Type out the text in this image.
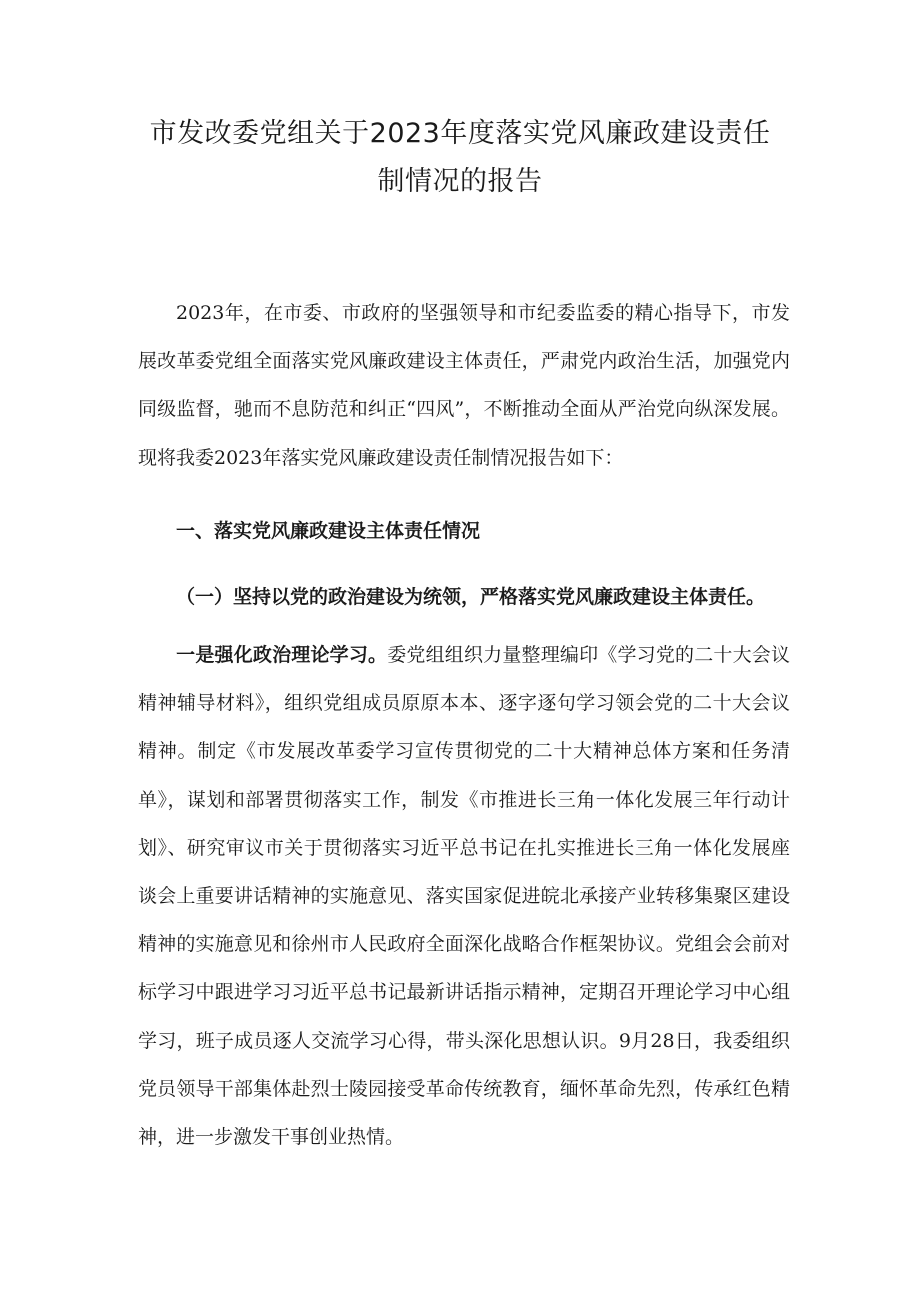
市发改委党组关于2023年度落实党风廉政建设责任
制情况的报告

2023年，在市委、市政府的坚强领导和市纪委监委的精心指导下，市发展改革委党组全面落实党风廉政建设主体责任，严肃党内政治生活，加强党内同级监督，驰而不息防范和纠正“四风”，不断推动全面从严治党向纵深发展。现将我委2023年落实党风廉政建设责任制情况报告如下：

一、落实党风廉政建设主体责任情况
（一）坚持以党的政治建设为统领，严格落实党风廉政建设主体责任。

一是强化政治理论学习。委党组组织力量整理编印《学习党的二十大会议精神辅导材料》，组织党组成员原原本本、逐字逐句学习领会党的二十大会议精神。制定《市发展改革委学习宣传贯彻党的二十大精神总体方案和任务清单》，谋划和部署贯彻落实工作，制发《市推进长三角一体化发展三年行动计划》、研究审议市关于贯彻落实习近平总书记在扎实推进长三角一体化发展座谈会上重要讲话精神的实施意见、落实国家促进皖北承接产业转移集聚区建设精神的实施意见和徐州市人民政府全面深化战略合作框架协议。党组会会前对标学习中跟进学习习近平总书记最新讲话指示精神，定期召开理论学习中心组学习，班子成员逐人交流学习心得，带头深化思想认识。9月28日，我委组织党员领导干部集体赴烈士陵园接受革命传统教育，缅怀革命先烈，传承红色精神，进一步激发干事创业热情。
